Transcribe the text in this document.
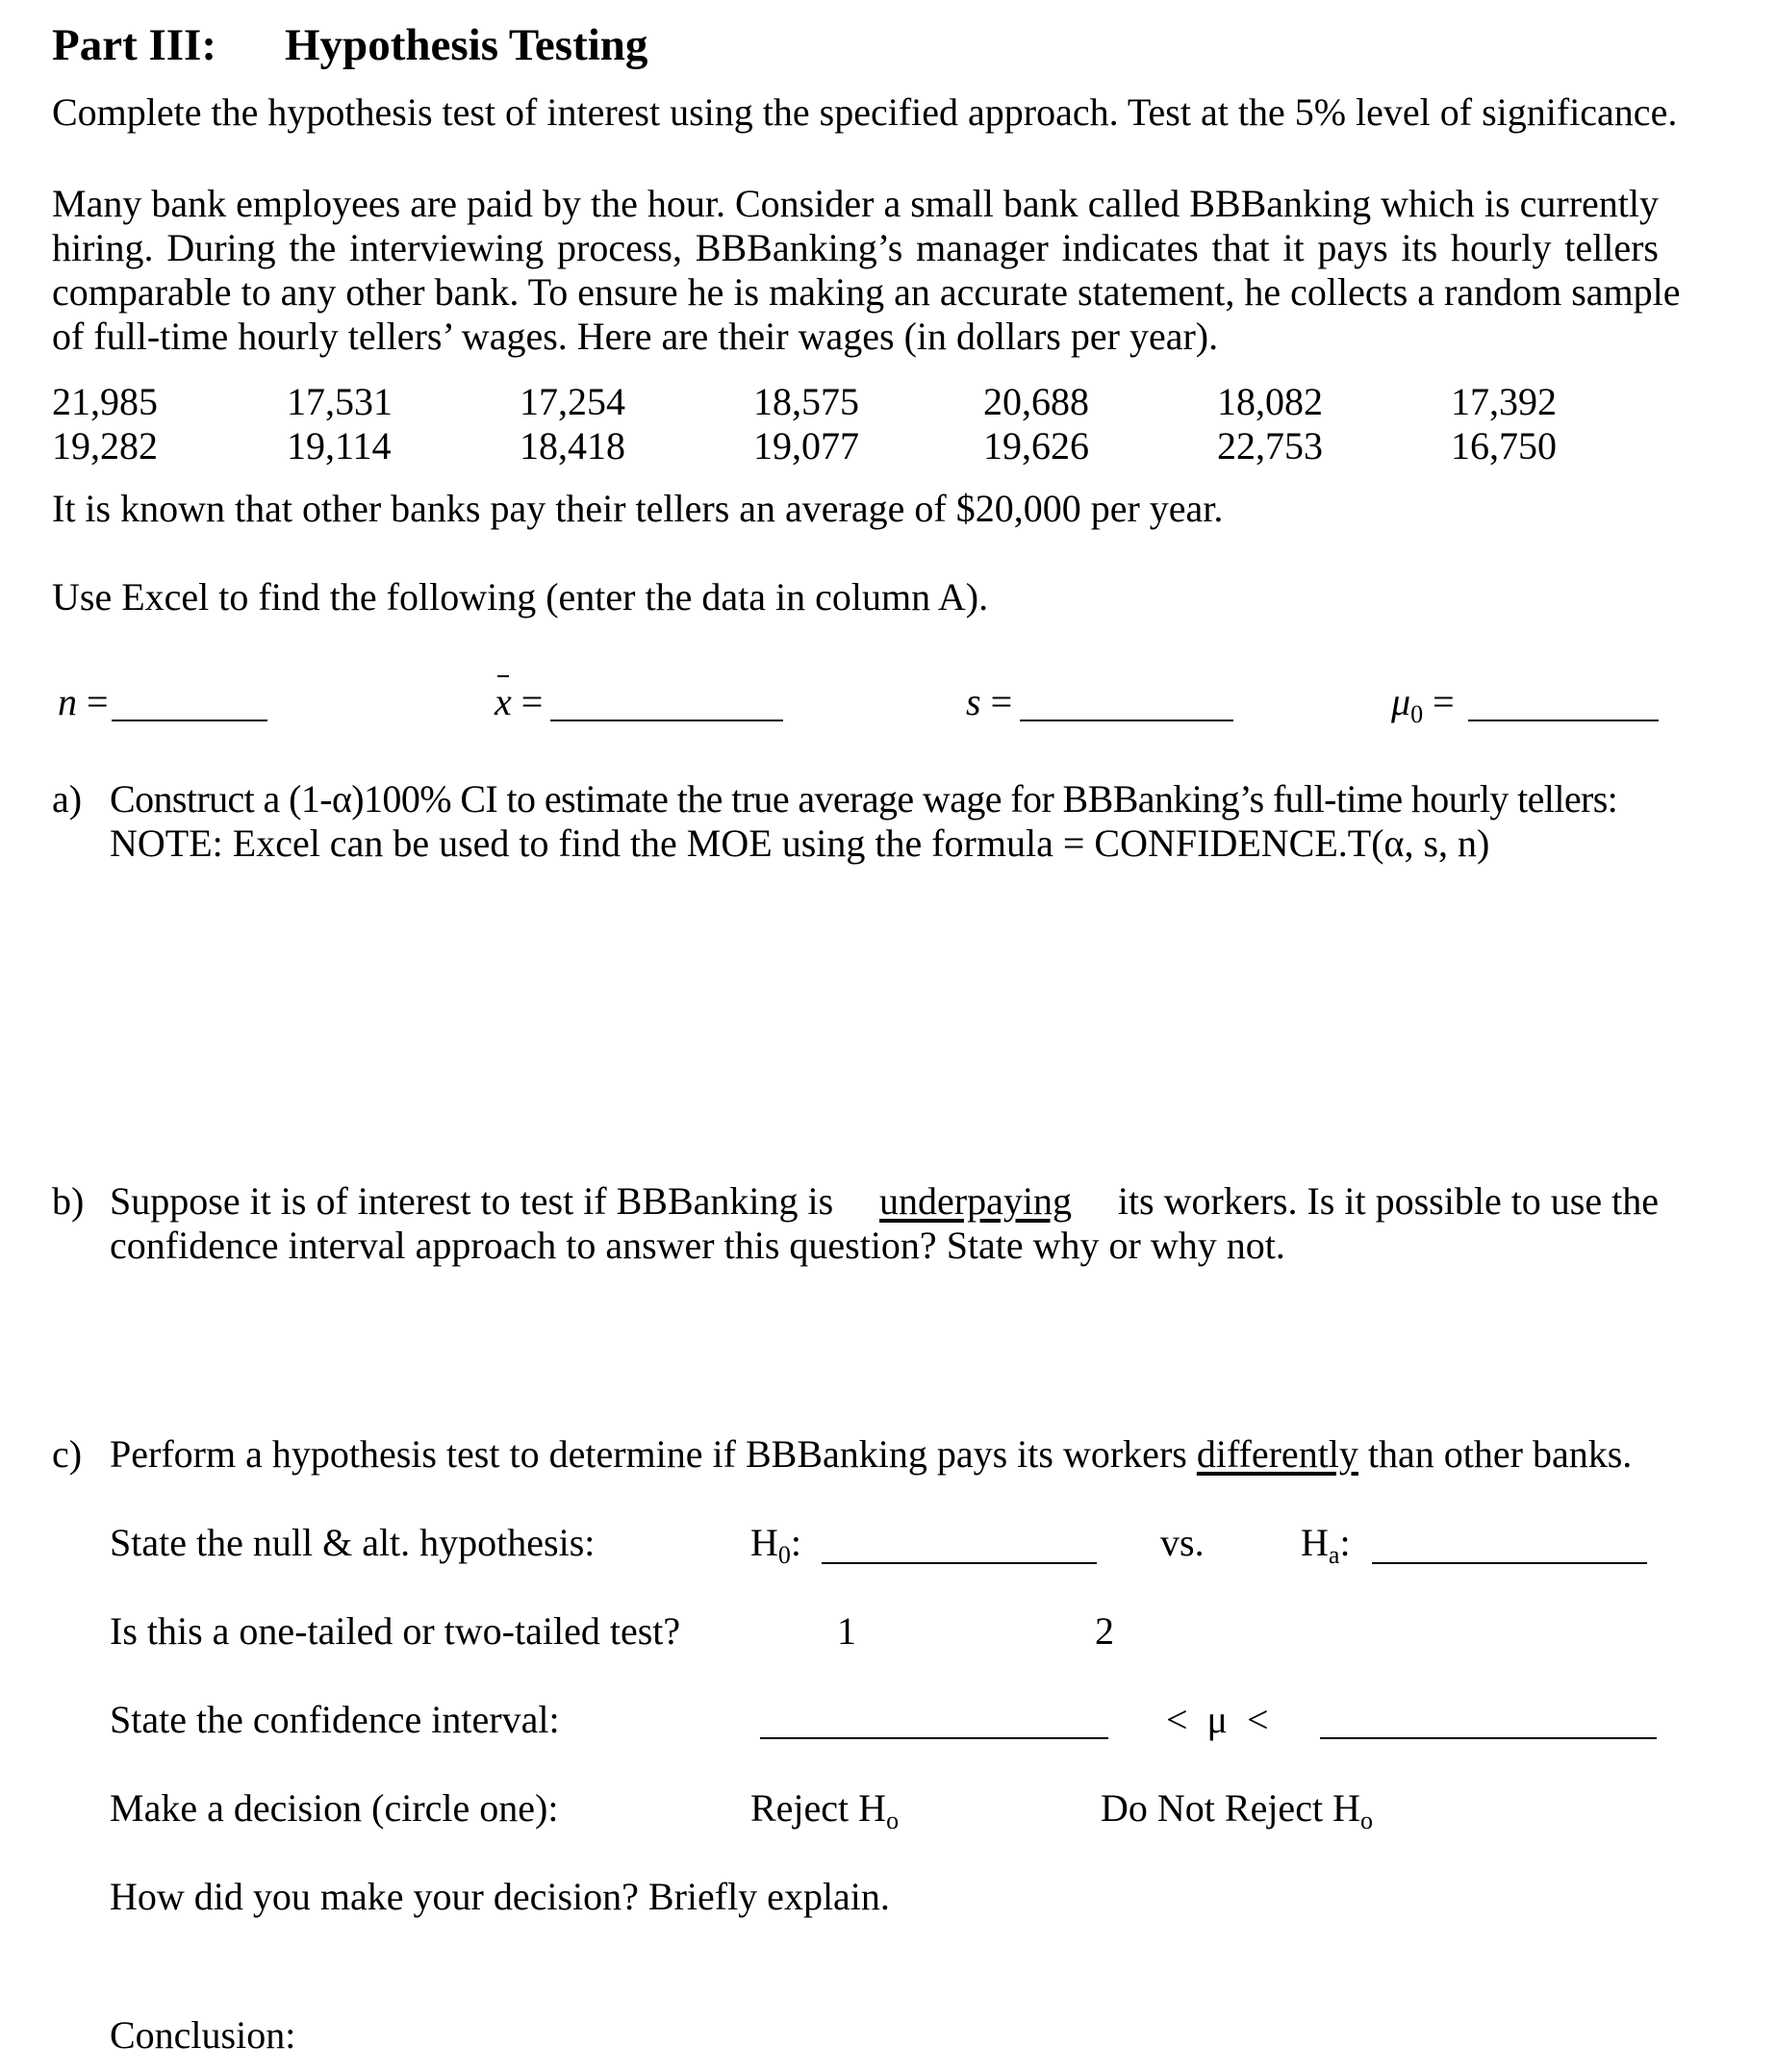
Part III: Hypothesis Testing
Complete the hypothesis test of interest using the specified approach. Test at the 5% level of significance.
Many bank employees are paid by the hour. Consider a small bank called BBBanking which is currently
hiring. During the interviewing process, BBBanking’s manager indicates that it pays its hourly tellers
comparable to any other bank. To ensure he is making an accurate statement, he collects a random sample
of full-time hourly tellers’ wages. Here are their wages (in dollars per year).
21,985	17,531	17,254	18,575	20,688	18,082	17,392
19,282	19,114	18,418	19,077	19,626	22,753	16,750
It is known that other banks pay their tellers an average of $20,000 per year.
Use Excel to find the following (enter the data in column A).
n =	x =	s =	$\mu_0$ =
a) Construct a (1-α)100% CI to estimate the true average wage for BBBanking’s full-time hourly tellers:
NOTE: Excel can be used to find the MOE using the formula = CONFIDENCE.T(α, s, n)
b) Suppose it is of interest to test if BBBanking is underpaying its workers. Is it possible to use the
confidence interval approach to answer this question? State why or why not.
c) Perform a hypothesis test to determine if BBBanking pays its workers differently than other banks.
State the null & alt. hypothesis:	$H_0$:	vs.	$H_a$:
Is this a one-tailed or two-tailed test?	1	2
State the confidence interval:	<  μ  <
Make a decision (circle one):	Reject $H_o$	Do Not Reject $H_o$
How did you make your decision? Briefly explain.
Conclusion:
